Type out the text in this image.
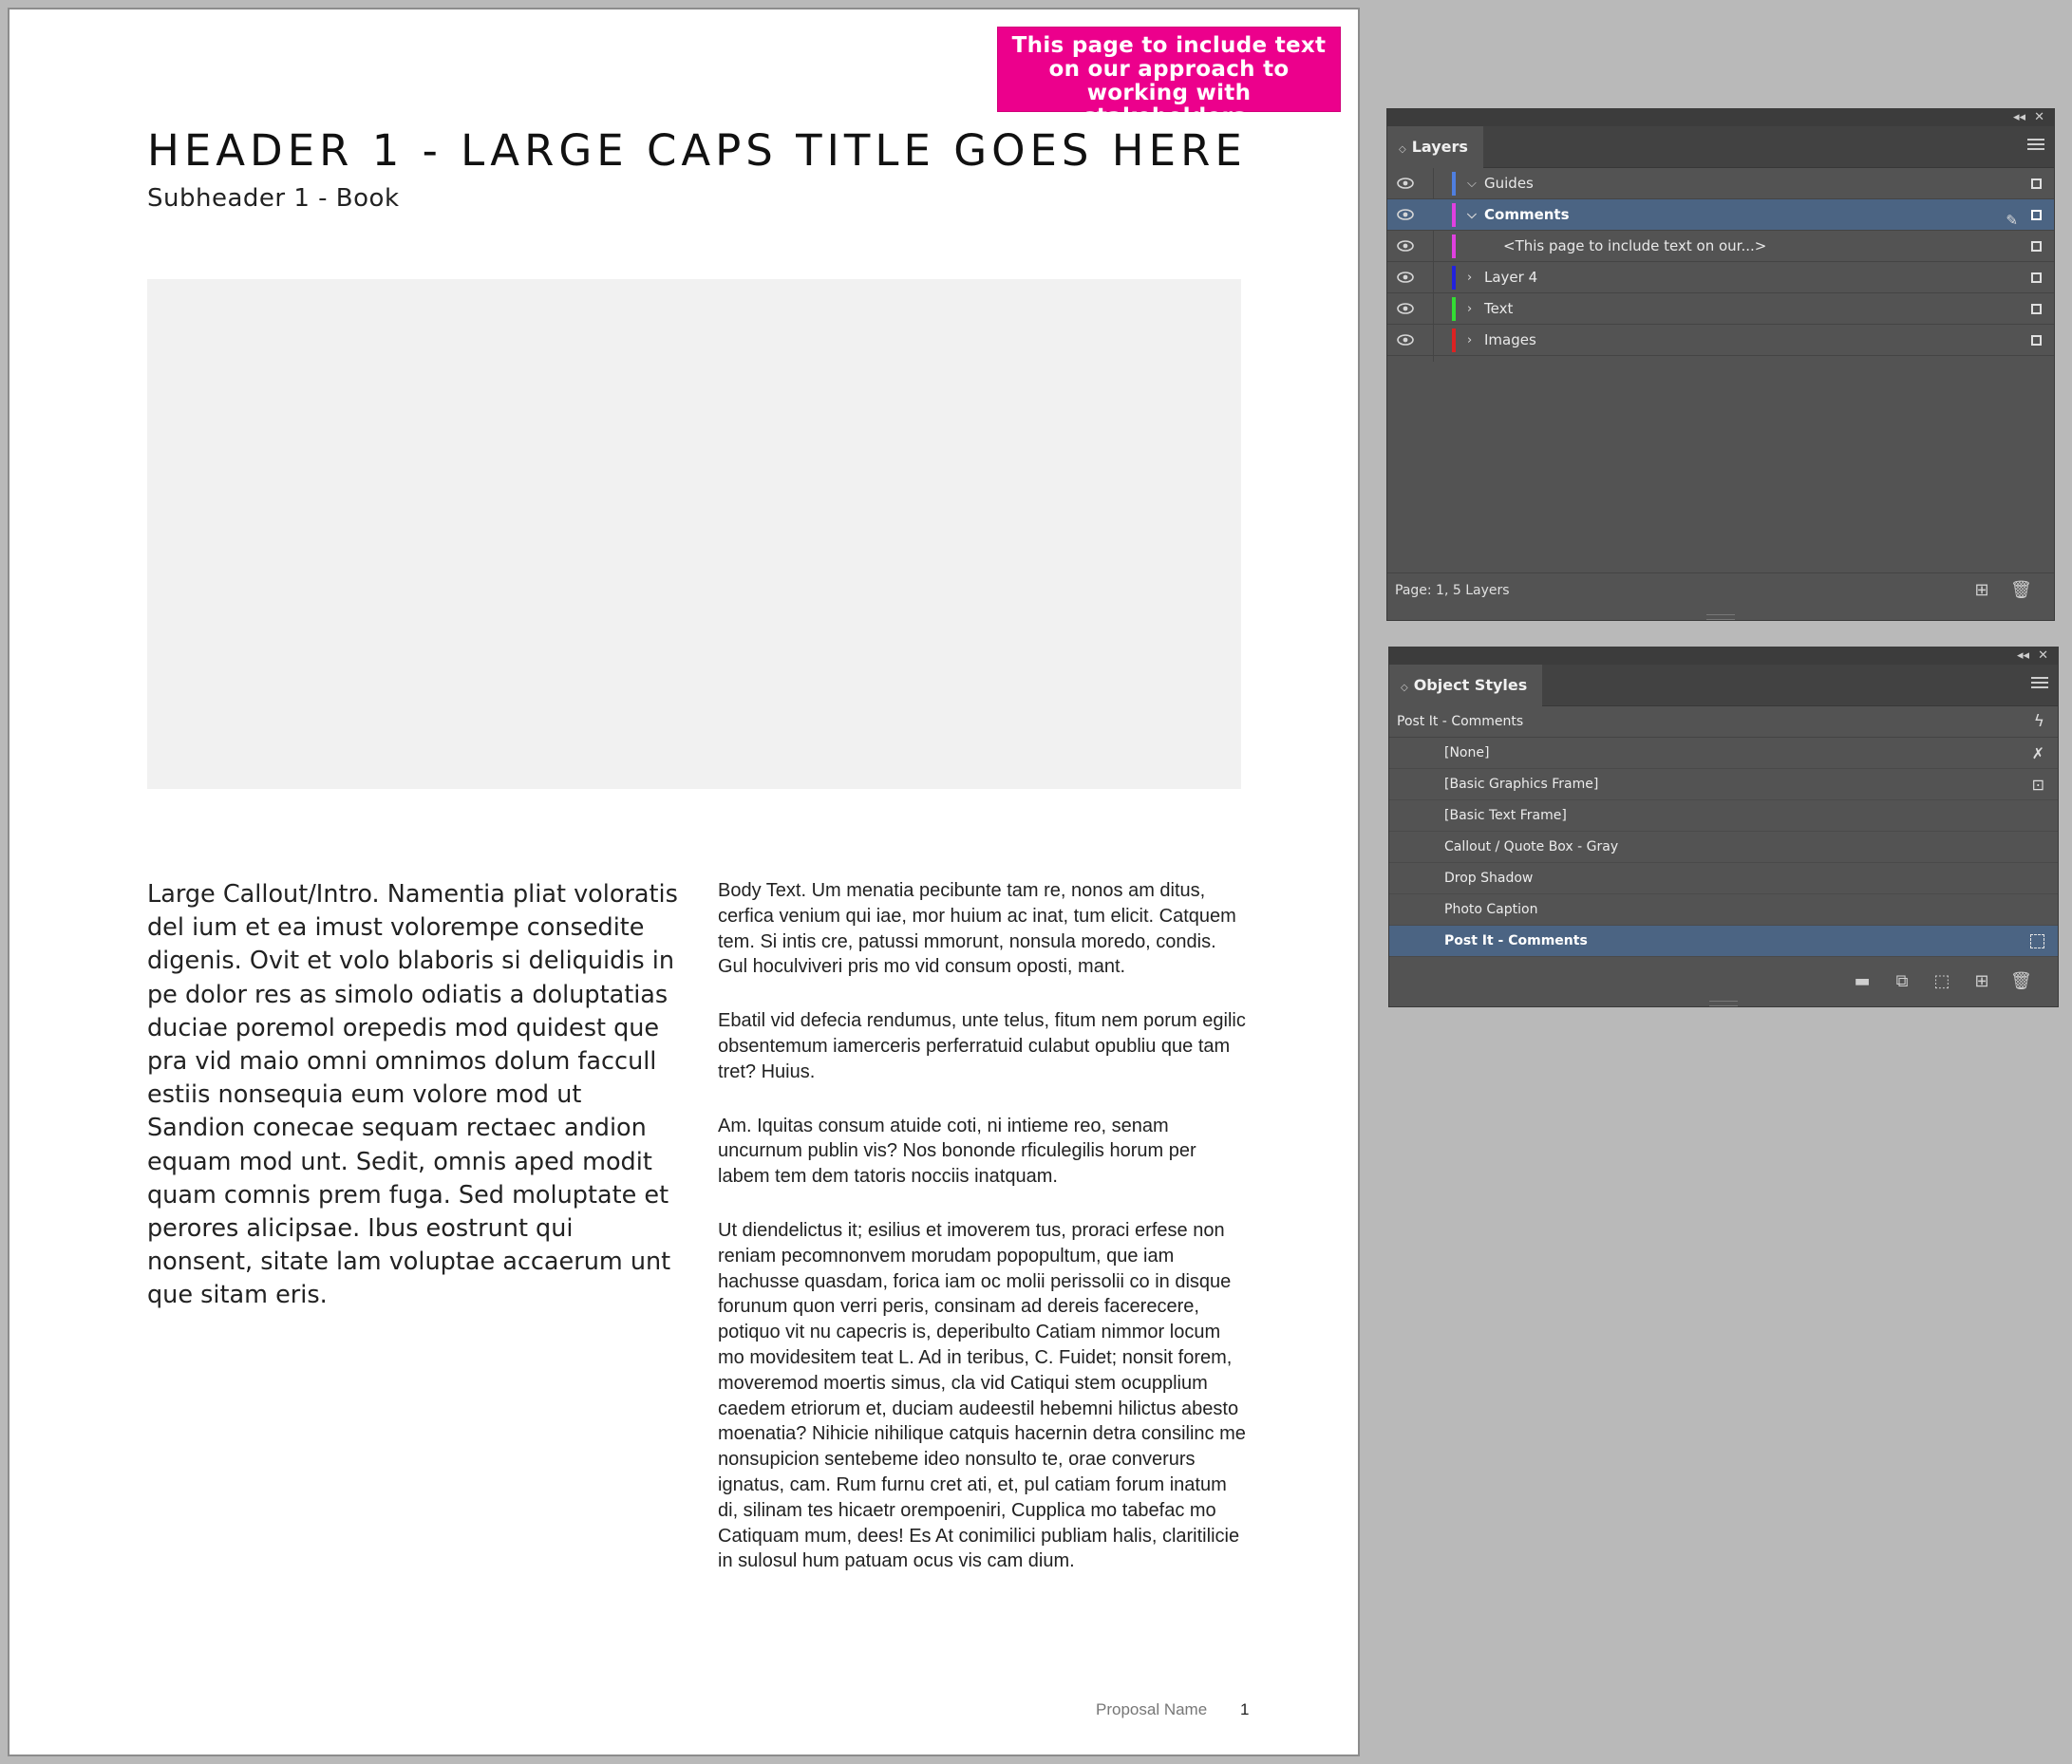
This page to include text on our approach to working with stakeholders.
HEADER 1 - LARGE CAPS TITLE GOES HERE
Subheader 1 - Book
Large Callout/Intro. Namentia pliat voloratis del ium et ea imust volorempe consedite digenis. Ovit et volo blaboris si deliquidis in pe dolor res as simolo odiatis a doluptatias duciae poremol orepedis mod quidest que pra vid maio omni omnimos dolum faccull estiis nonsequia eum volore mod ut Sandion conecae sequam rectaec andion equam mod unt. Sedit, omnis aped modit quam comnis prem fuga. Sed moluptate et perores alicipsae. Ibus eostrunt qui nonsent, sitate lam voluptae accaerum unt que sitam eris.

Body Text. Um menatia pecibunte tam re, nonos am ditus, cerfica venium qui iae, mor huium ac inat, tum elicit. Catquem tem. Si intis cre, patussi mmorunt, nonsula moredo, condis. Gul hoculviveri pris mo vid consum oposti, mant.

Ebatil vid defecia rendumus, unte telus, fitum nem porum egilic obsentemum iamerceris perferratuid culabut opubliu que tam tret? Huius.

Am. Iquitas consum atuide coti, ni intieme reo, senam uncurnum publin vis? Nos bononde rficulegilis horum per labem tem dem tatoris nocciis inatquam.

Ut diendelictus it; esilius et imoverem tus, proraci erfese non reniam pecomnonvem morudam popopultum, que iam hachusse quasdam, forica iam oc molii perissolii co in disque forunum quon verri peris, consinam ad dereis facerecere, potiquo vit nu capecris is, deperibulto Catiam nimmor locum mo movidesitem teat L. Ad in teribus, C. Fuidet; nonsit forem, moveremod moertis simus, cla vid Catiqui stem ocupplium caedem etriorum et, duciam audeestil hebemni hilictus abesto moenatia? Nihicie nihilique catquis hacernin detra consilinc me nonsupicion sentebeme ideo nonsulto te, orae converurs ignatus, cam. Rum furnu cret ati, et, pul catiam forum inatum di, silinam tes hicaetr orempoeniri, Cupplica mo tabefac mo Catiquam mum, dees! Es At conimilici publiam halis, claritilicie in sulosul hum patuam ocus vis cam dium.

Proposal Name 1
◂◂ ✕
◇ Layers
⌵ Guides
⌵ Comments	✎
<This page to include text on our...>
› Layer 4
› Text
› Images
Page: 1, 5 Layers	⊞ 🗑
◂◂ ✕
◇ Object Styles
Post It - Comments	ϟ
[None]	✗
[Basic Graphics Frame]	⊡
[Basic Text Frame]
Callout / Quote Box - Gray
Drop Shadow
Photo Caption
Post It - Comments
▬ ⧉ ⬚ ⊞ 🗑
